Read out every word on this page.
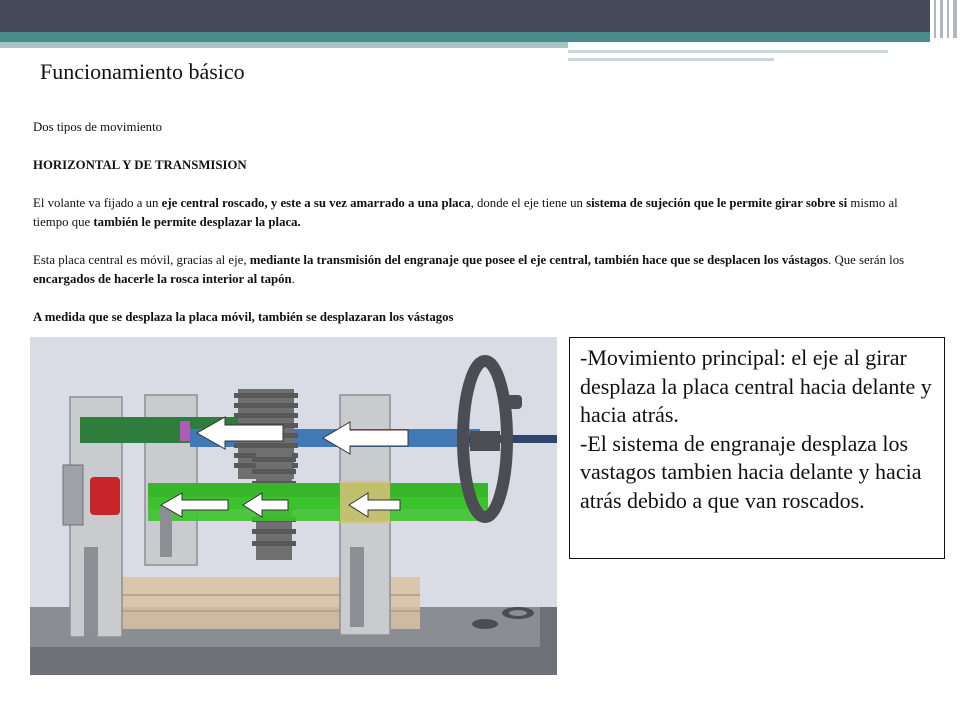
Funcionamiento básico

Dos tipos de movimiento

HORIZONTAL Y DE TRANSMISION

El volante va fijado a un eje central roscado, y este a su vez amarrado a una placa, donde el eje tiene un sistema de sujeción que le permite girar sobre si mismo al tiempo que también le permite desplazar la placa.

Esta placa central es móvil, gracias al eje, mediante la transmisión del engranaje que posee el eje central, también hace que se desplacen los vástagos. Que serán los encargados de hacerle la rosca interior al tapón.

A medida que se desplaza la placa móvil, también se desplazaran los vástagos

-Movimiento principal: el eje al girar desplaza la placa central hacia delante y hacia atrás.

-El sistema de engranaje desplaza los vastagos tambien hacia delante y hacia atrás debido a que van roscados.
